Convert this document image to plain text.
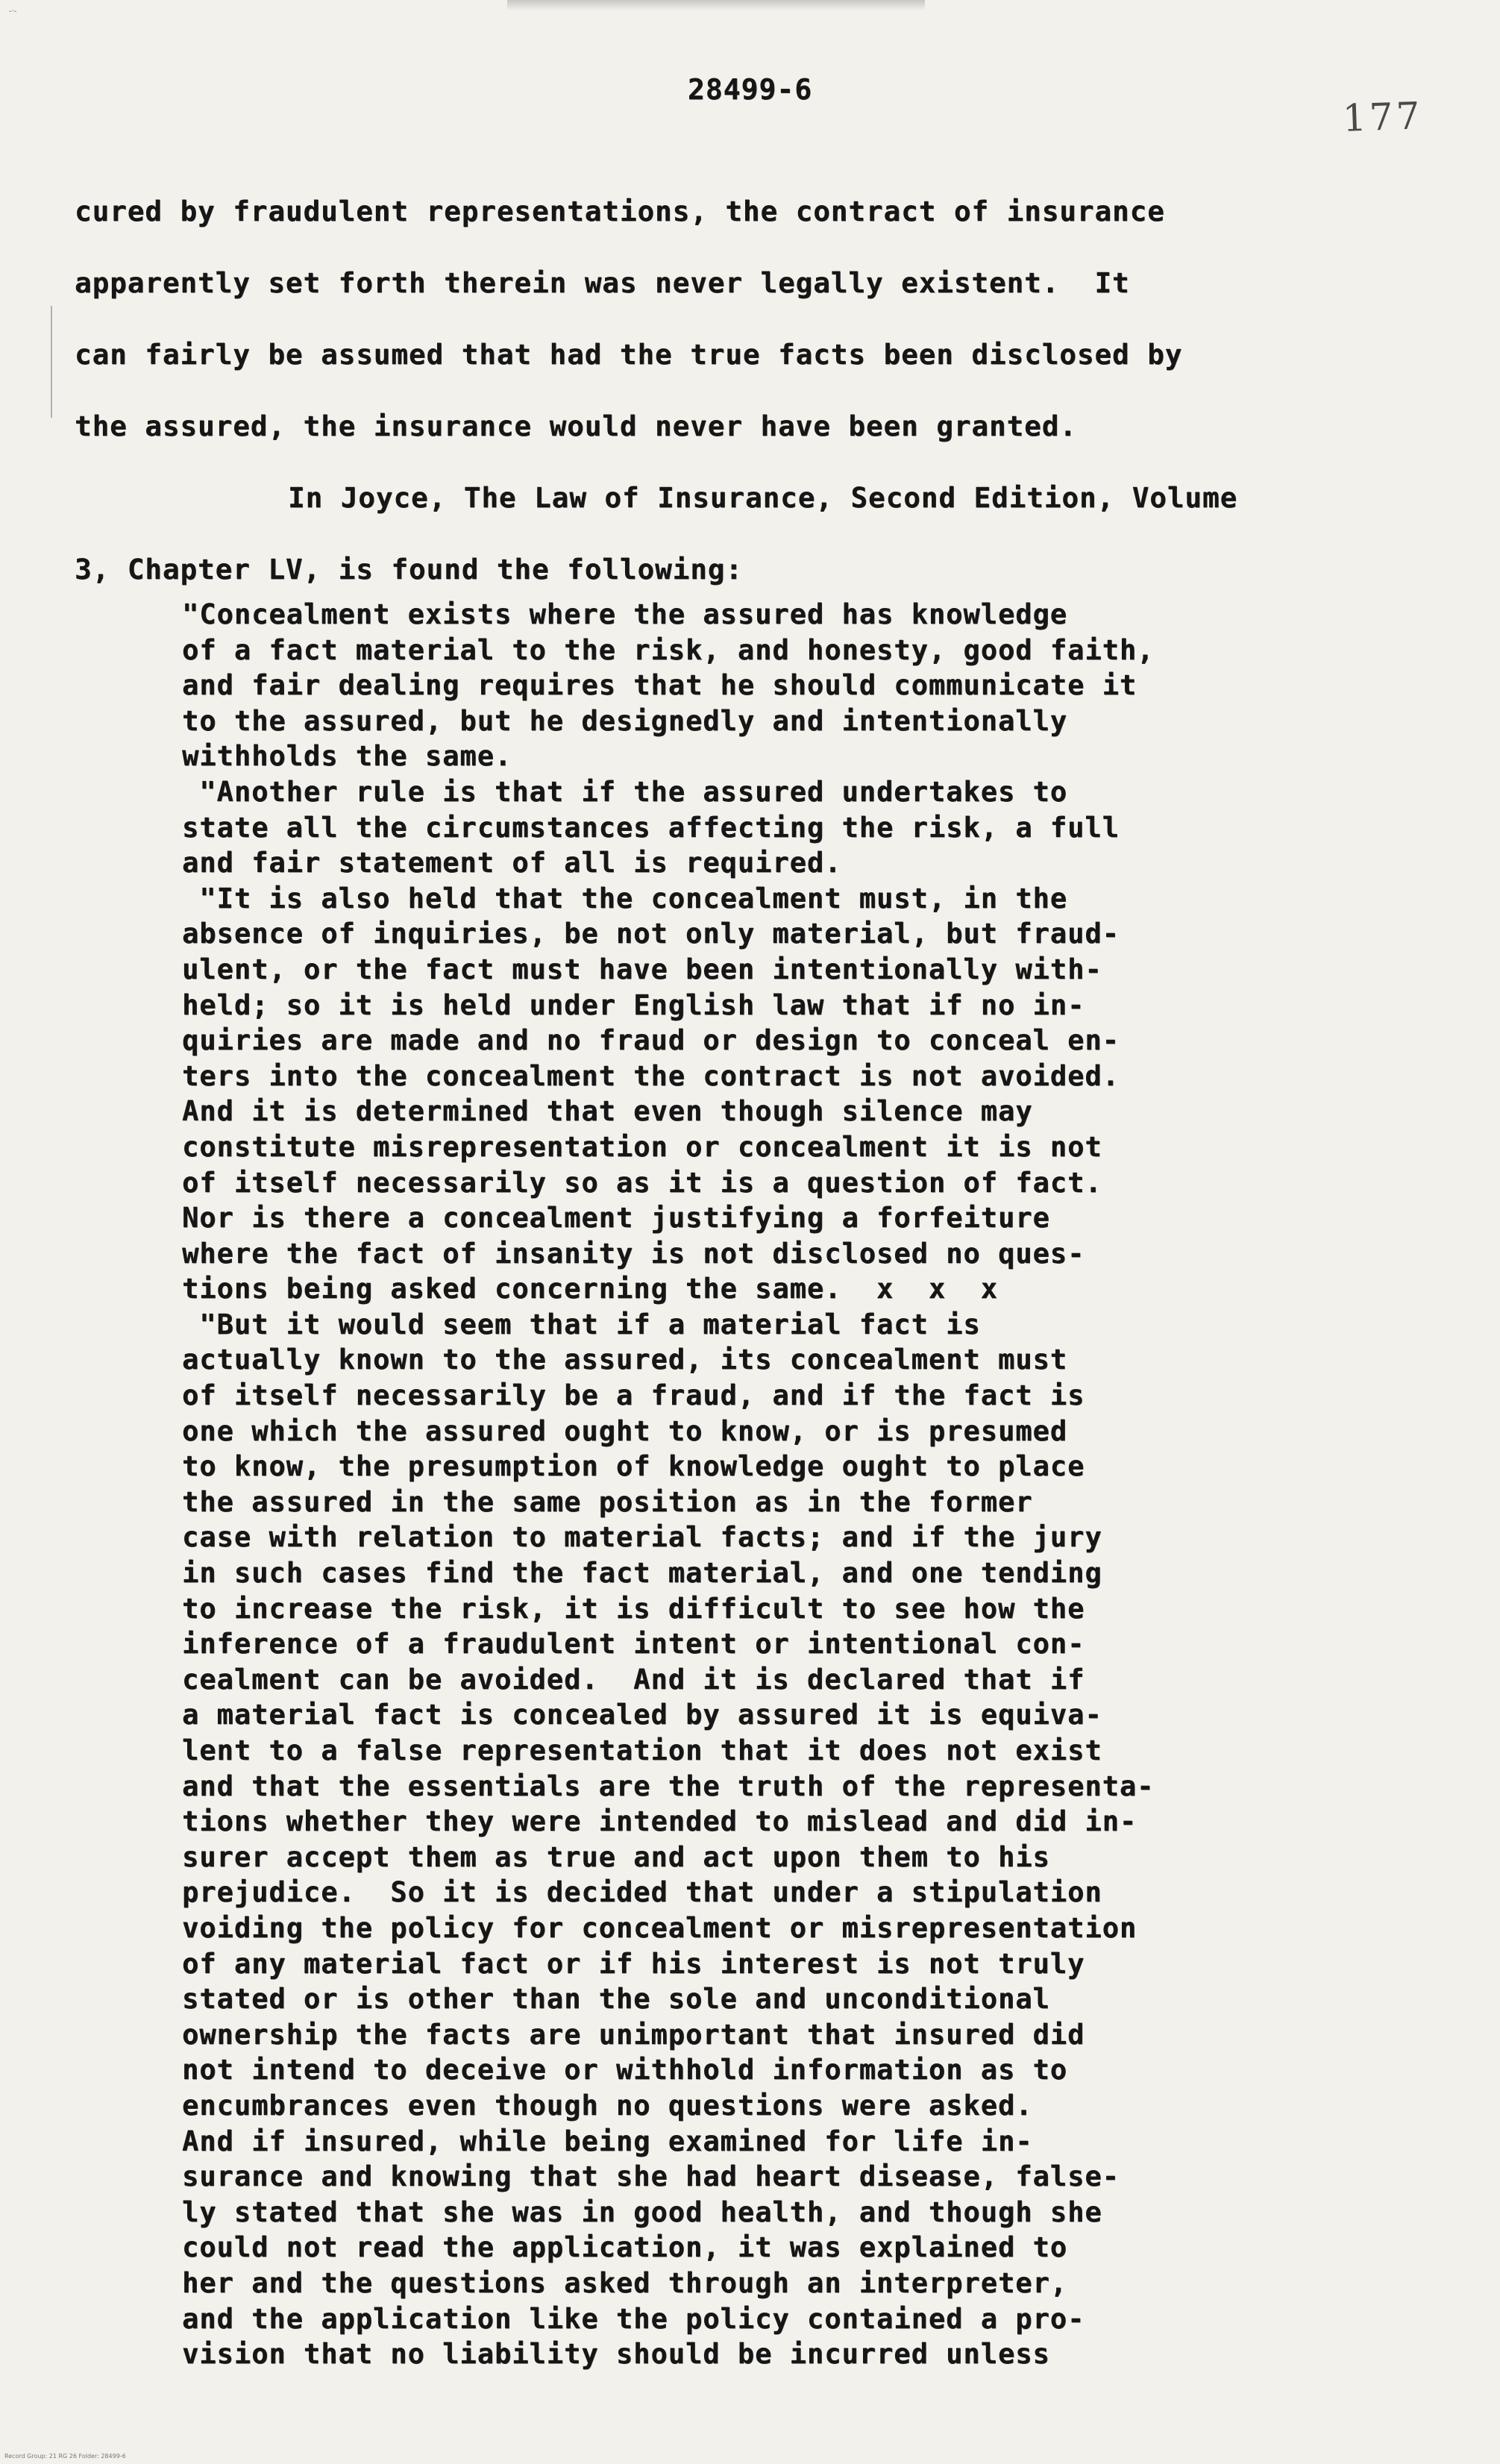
-·-
28499-6
177
cured by fraudulent representations, the contract of insurance
apparently set forth therein was never legally existent.  It
can fairly be assumed that had the true facts been disclosed by
the assured, the insurance would never have been granted.
In Joyce, The Law of Insurance, Second Edition, Volume
3, Chapter LV, is found the following:
"Concealment exists where the assured has knowledge
of a fact material to the risk, and honesty, good faith,
and fair dealing requires that he should communicate it
to the assured, but he designedly and intentionally
withholds the same.
"Another rule is that if the assured undertakes to
state all the circumstances affecting the risk, a full
and fair statement of all is required.
"It is also held that the concealment must, in the
absence of inquiries, be not only material, but fraud-
ulent, or the fact must have been intentionally with-
held; so it is held under English law that if no in-
quiries are made and no fraud or design to conceal en-
ters into the concealment the contract is not avoided.
And it is determined that even though silence may
constitute misrepresentation or concealment it is not
of itself necessarily so as it is a question of fact.
Nor is there a concealment justifying a forfeiture
where the fact of insanity is not disclosed no ques-
tions being asked concerning the same.  x  x  x
"But it would seem that if a material fact is
actually known to the assured, its concealment must
of itself necessarily be a fraud, and if the fact is
one which the assured ought to know, or is presumed
to know, the presumption of knowledge ought to place
the assured in the same position as in the former
case with relation to material facts; and if the jury
in such cases find the fact material, and one tending
to increase the risk, it is difficult to see how the
inference of a fraudulent intent or intentional con-
cealment can be avoided.  And it is declared that if
a material fact is concealed by assured it is equiva-
lent to a false representation that it does not exist
and that the essentials are the truth of the representa-
tions whether they were intended to mislead and did in-
surer accept them as true and act upon them to his
prejudice.  So it is decided that under a stipulation
voiding the policy for concealment or misrepresentation
of any material fact or if his interest is not truly
stated or is other than the sole and unconditional
ownership the facts are unimportant that insured did
not intend to deceive or withhold information as to
encumbrances even though no questions were asked.
And if insured, while being examined for life in-
surance and knowing that she had heart disease, false-
ly stated that she was in good health, and though she
could not read the application, it was explained to
her and the questions asked through an interpreter,
and the application like the policy contained a pro-
vision that no liability should be incurred unless
Record Group: 21 RG 26 Folder: 28499-6
